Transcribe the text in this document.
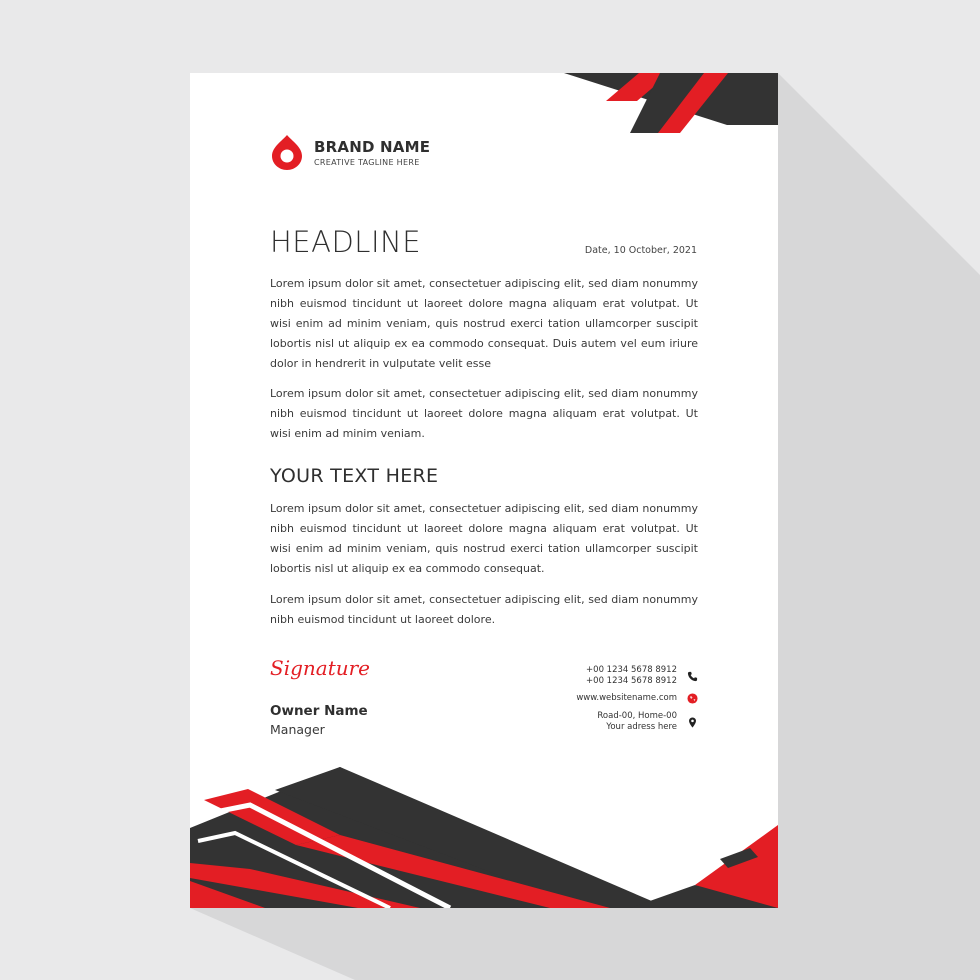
BRAND NAME
CREATIVE TAGLINE HERE
HEADLINE	Date, 10 October, 2021

Lorem ipsum dolor sit amet, consectetuer adipiscing elit, sed diam nonummy nibh euismod tincidunt ut laoreet dolore magna aliquam erat volutpat. Ut wisi enim ad minim veniam, quis nostrud exerci tation ullamcorper suscipit lobortis nisl ut aliquip ex ea commodo consequat. Duis autem vel eum iriure dolor in hendrerit in vulputate velit esse

Lorem ipsum dolor sit amet, consectetuer adipiscing elit, sed diam nonummy nibh euismod tincidunt ut laoreet dolore magna aliquam erat volutpat. Ut wisi enim ad minim veniam.

YOUR TEXT HERE

Lorem ipsum dolor sit amet, consectetuer adipiscing elit, sed diam nonummy nibh euismod tincidunt ut laoreet dolore magna aliquam erat volutpat. Ut wisi enim ad minim veniam, quis nostrud exerci tation ullamcorper suscipit lobortis nisl ut aliquip ex ea commodo consequat.

Lorem ipsum dolor sit amet, consectetuer adipiscing elit, sed diam nonummy nibh euismod tincidunt ut laoreet dolore.

Signature
Owner Name
Manager
+00 1234 5678 8912
+00 1234 5678 8912
www.websitename.com
Road-00, Home-00
Your adress here
